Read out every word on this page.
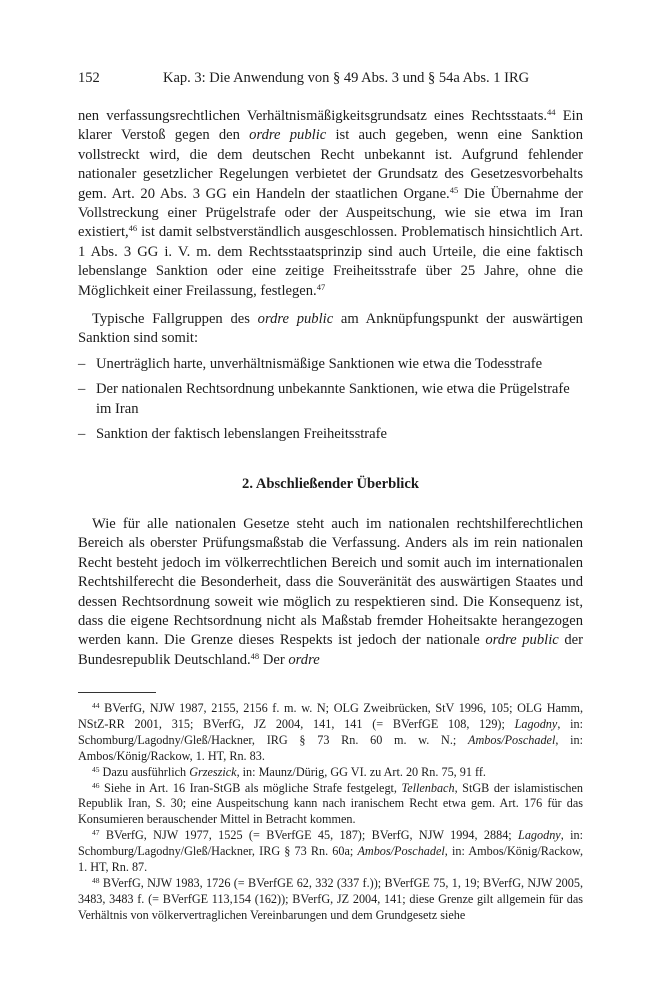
152	Kap. 3: Die Anwendung von § 49 Abs. 3 und § 54a Abs. 1 IRG

nen verfassungsrechtlichen Verhältnismäßigkeitsgrundsatz eines Rechtsstaats.$^{44}$ Ein klarer Verstoß gegen den ordre public ist auch gegeben, wenn eine Sanktion vollstreckt wird, die dem deutschen Recht unbekannt ist. Aufgrund fehlender nationaler gesetzlicher Regelungen verbietet der Grundsatz des Gesetzesvorbehalts gem. Art. 20 Abs. 3 GG ein Handeln der staatlichen Organe.$^{45}$ Die Übernahme der Vollstreckung einer Prügelstrafe oder der Auspeitschung, wie sie etwa im Iran existiert,$^{46}$ ist damit selbstverständlich ausgeschlossen. Problematisch hinsichtlich Art. 1 Abs. 3 GG i. V. m. dem Rechtsstaatsprinzip sind auch Urteile, die eine faktisch lebenslange Sanktion oder eine zeitige Freiheitsstrafe über 25 Jahre, ohne die Möglichkeit einer Freilassung, festlegen.$^{47}$

Typische Fallgruppen des ordre public am Anknüpfungspunkt der auswärtigen Sanktion sind somit:

– Unerträglich harte, unverhältnismäßige Sanktionen wie etwa die Todesstrafe
– Der nationalen Rechtsordnung unbekannte Sanktionen, wie etwa die Prügelstrafe im Iran
– Sanktion der faktisch lebenslangen Freiheitsstrafe
2. Abschließender Überblick

Wie für alle nationalen Gesetze steht auch im nationalen rechtshilferechtlichen Bereich als oberster Prüfungsmaßstab die Verfassung. Anders als im rein nationalen Recht besteht jedoch im völkerrechtlichen Bereich und somit auch im internationalen Rechtshilferecht die Besonderheit, dass die Souveränität des auswärtigen Staates und dessen Rechtsordnung soweit wie möglich zu respektieren sind. Die Konsequenz ist, dass die eigene Rechtsordnung nicht als Maßstab fremder Hoheitsakte herangezogen werden kann. Die Grenze dieses Respekts ist jedoch der nationale ordre public der Bundesrepublik Deutschland.$^{48}$ Der ordre

$^{44}$ BVerfG, NJW 1987, 2155, 2156 f. m. w. N; OLG Zweibrücken, StV 1996, 105; OLG Hamm, NStZ-RR 2001, 315; BVerfG, JZ 2004, 141, 141 (= BVerfGE 108, 129); Lagodny, in: Schomburg/Lagodny/Gleß/Hackner, IRG § 73 Rn. 60 m. w. N.; Ambos/Poschadel, in: Ambos/König/Rackow, 1. HT, Rn. 83.

$^{45}$ Dazu ausführlich Grzeszick, in: Maunz/Dürig, GG VI. zu Art. 20 Rn. 75, 91 ff.

$^{46}$ Siehe in Art. 16 Iran-StGB als mögliche Strafe festgelegt, Tellenbach, StGB der islamistischen Republik Iran, S. 30; eine Auspeitschung kann nach iranischem Recht etwa gem. Art. 176 für das Konsumieren berauschender Mittel in Betracht kommen.

$^{47}$ BVerfG, NJW 1977, 1525 (= BVerfGE 45, 187); BVerfG, NJW 1994, 2884; Lagodny, in: Schomburg/Lagodny/Gleß/Hackner, IRG § 73 Rn. 60a; Ambos/Poschadel, in: Ambos/König/Rackow, 1. HT, Rn. 87.

$^{48}$ BVerfG, NJW 1983, 1726 (= BVerfGE 62, 332 (337 f.)); BVerfGE 75, 1, 19; BVerfG, NJW 2005, 3483, 3483 f. (= BVerfGE 113,154 (162)); BVerfG, JZ 2004, 141; diese Grenze gilt allgemein für das Verhältnis von völkervertraglichen Vereinbarungen und dem Grundgesetz siehe
